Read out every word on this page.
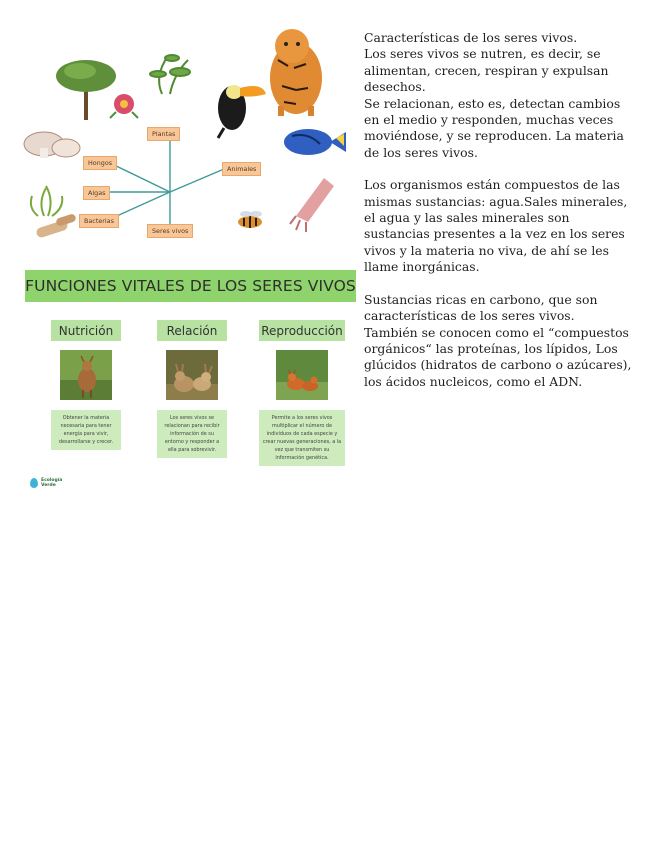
Plantas
Hongos
Algas
Bacterias
Animales
Seres vivos
FUNCIONES VITALES DE LOS SERES VIVOS
Nutrición
Obtener la materia necesaria para tener energía para vivir, desarrollarse y crecer.
Relación
Los seres vivos se relacionan para recibir información de su entorno y responder a ella para sobrevivir.
Reproducción
Permite a los seres vivos multiplicar el número de individuos de cada especie y crear nuevas generaciones, a la vez que transmiten su información genética.
Ecología
Verde

Características de los seres vivos.

Los seres vivos se nutren, es decir, se alimentan, crecen, respiran y expulsan desechos.

Se relacionan, esto es, detectan cambios en el medio y responden, muchas veces moviéndose, y se reproducen. La materia de los seres vivos.

Los organismos están compuestos de las mismas sustancias: agua.Sales minerales, el agua y las sales minerales son sustancias presentes a la vez en los seres vivos y la materia no viva, de ahí se les llame inorgánicas.

Sustancias ricas en carbono, que son características de los seres vivos.

También se conocen como el “compuestos orgánicos“ las proteínas, los lípidos, Los glúcidos (hidratos de carbono o azúcares), los ácidos nucleicos, como el ADN.
